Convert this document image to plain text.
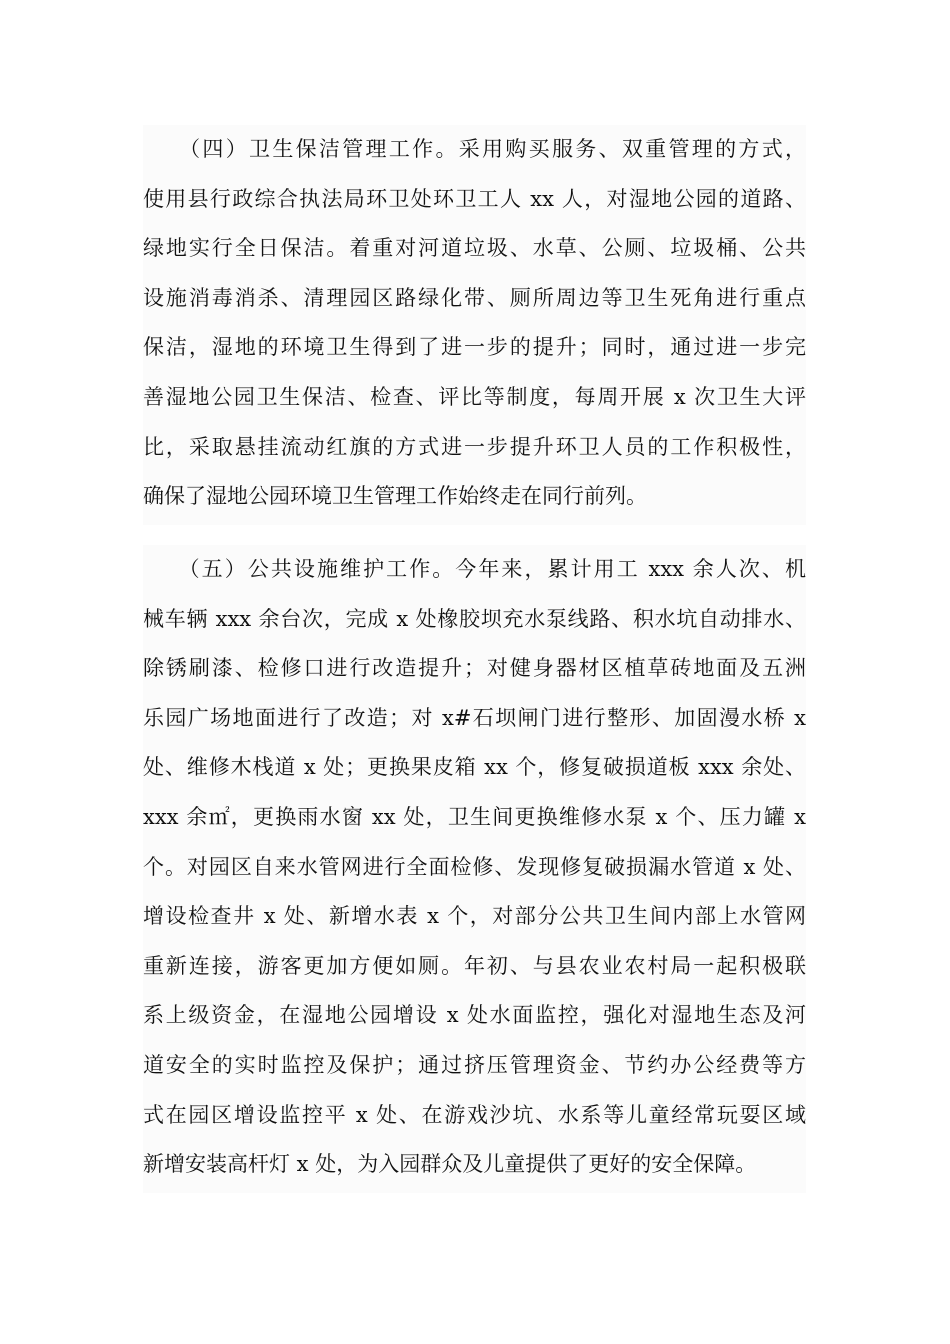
　　（四）卫生保洁管理工作。采用购买服务、双重管理的方式，
使用县行政综合执法局环卫处环卫工人 xx 人，对湿地公园的道路、
绿地实行全日保洁。着重对河道垃圾、水草、公厕、垃圾桶、公共
设施消毒消杀、清理园区路绿化带、厕所周边等卫生死角进行重点
保洁，湿地的环境卫生得到了进一步的提升；同时，通过进一步完
善湿地公园卫生保洁、检查、评比等制度，每周开展 x 次卫生大评
比，采取悬挂流动红旗的方式进一步提升环卫人员的工作积极性，
确保了湿地公园环境卫生管理工作始终走在同行前列。
　　（五）公共设施维护工作。今年来，累计用工 xxx 余人次、机
械车辆 xxx 余台次，完成 x 处橡胶坝充水泵线路、积水坑自动排水、
除锈刷漆、检修口进行改造提升；对健身器材区植草砖地面及五洲
乐园广场地面进行了改造；对 x#石坝闸门进行整形、加固漫水桥 x
处、维修木栈道 x 处；更换果皮箱 xx 个，修复破损道板 xxx 余处、
xxx 余㎡，更换雨水窗 xx 处，卫生间更换维修水泵 x 个、压力罐 x
个。对园区自来水管网进行全面检修、发现修复破损漏水管道 x 处、
增设检查井 x 处、新增水表 x 个，对部分公共卫生间内部上水管网
重新连接，游客更加方便如厕。年初、与县农业农村局一起积极联
系上级资金，在湿地公园增设 x 处水面监控，强化对湿地生态及河
道安全的实时监控及保护；通过挤压管理资金、节约办公经费等方
式在园区增设监控平 x 处、在游戏沙坑、水系等儿童经常玩耍区域
新增安装高杆灯 x 处，为入园群众及儿童提供了更好的安全保障。
